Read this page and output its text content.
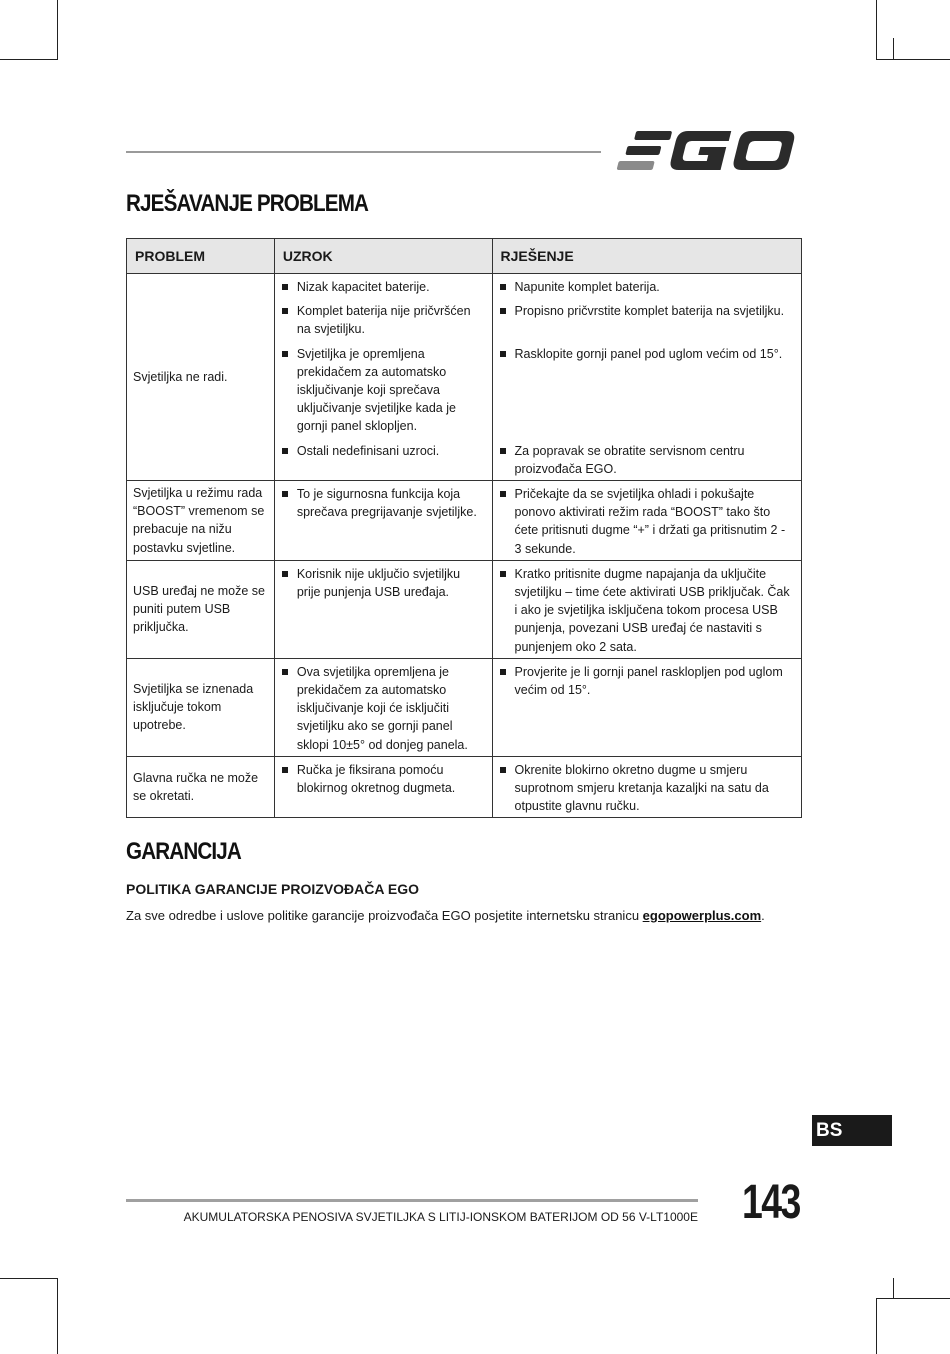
RJEŠAVANJE PROBLEMA
PROBLEM	UZROK	RJEŠENJE
Svjetiljka ne radi.	Nizak kapacitet baterije.	Napunite komplet baterija.

	Komplet baterija nije pričvršćen na svjetiljku.	Propisno pričvrstite komplet baterija na svjetiljku.

	Svjetiljka je opremljena prekidačem za automatsko isključivanje koji sprečava uključivanje svjetiljke kada je gornji panel sklopljen.	Rasklopite gornji panel pod uglom većim od 15°.

	Ostali nedefinisani uzroci.	Za popravak se obratite servisnom centru proizvođača EGO.

Svjetiljka u režimu rada “BOOST” vremenom se prebacuje na nižu postavku svjetline.	To je sigurnosna funkcija koja sprečava pregrijavanje svjetiljke.	Pričekajte da se svjetiljka ohladi i pokušajte ponovo aktivirati režim rada “BOOST” tako što ćete pritisnuti dugme “+” i držati ga pritisnutim 2 - 3 sekunde.

USB uređaj ne može se puniti putem USB priključka.	Korisnik nije uključio svjetiljku prije punjenja USB uređaja.	Kratko pritisnite dugme napajanja da uključite svjetiljku – time ćete aktivirati USB priključak. Čak i ako je svjetiljka isključena tokom procesa USB punjenja, povezani USB uređaj će nastaviti s punjenjem oko 2 sata.

Svjetiljka se iznenada isključuje tokom upotrebe.	Ova svjetiljka opremljena je prekidačem za automatsko isključivanje koji će isključiti svjetiljku ako se gornji panel sklopi 10±5° od donjeg panela.	Provjerite je li gornji panel rasklopljen pod uglom većim od 15°.

Glavna ručka ne može se okretati.	Ručka je fiksirana pomoću blokirnog okretnog dugmeta.	Okrenite blokirno okretno dugme u smjeru suprotnom smjeru kretanja kazaljki na satu da otpustite glavnu ručku.
GARANCIJA
POLITIKA GARANCIJE PROIZVOĐAČA EGO

Za sve odredbe i uslove politike garancije proizvođača EGO posjetite internetsku stranicu egopowerplus.com.

BS

AKUMULATORSKA PENOSIVA SVJETILJKA S LITIJ-IONSKOM BATERIJOM OD 56 V-LT1000E 143
